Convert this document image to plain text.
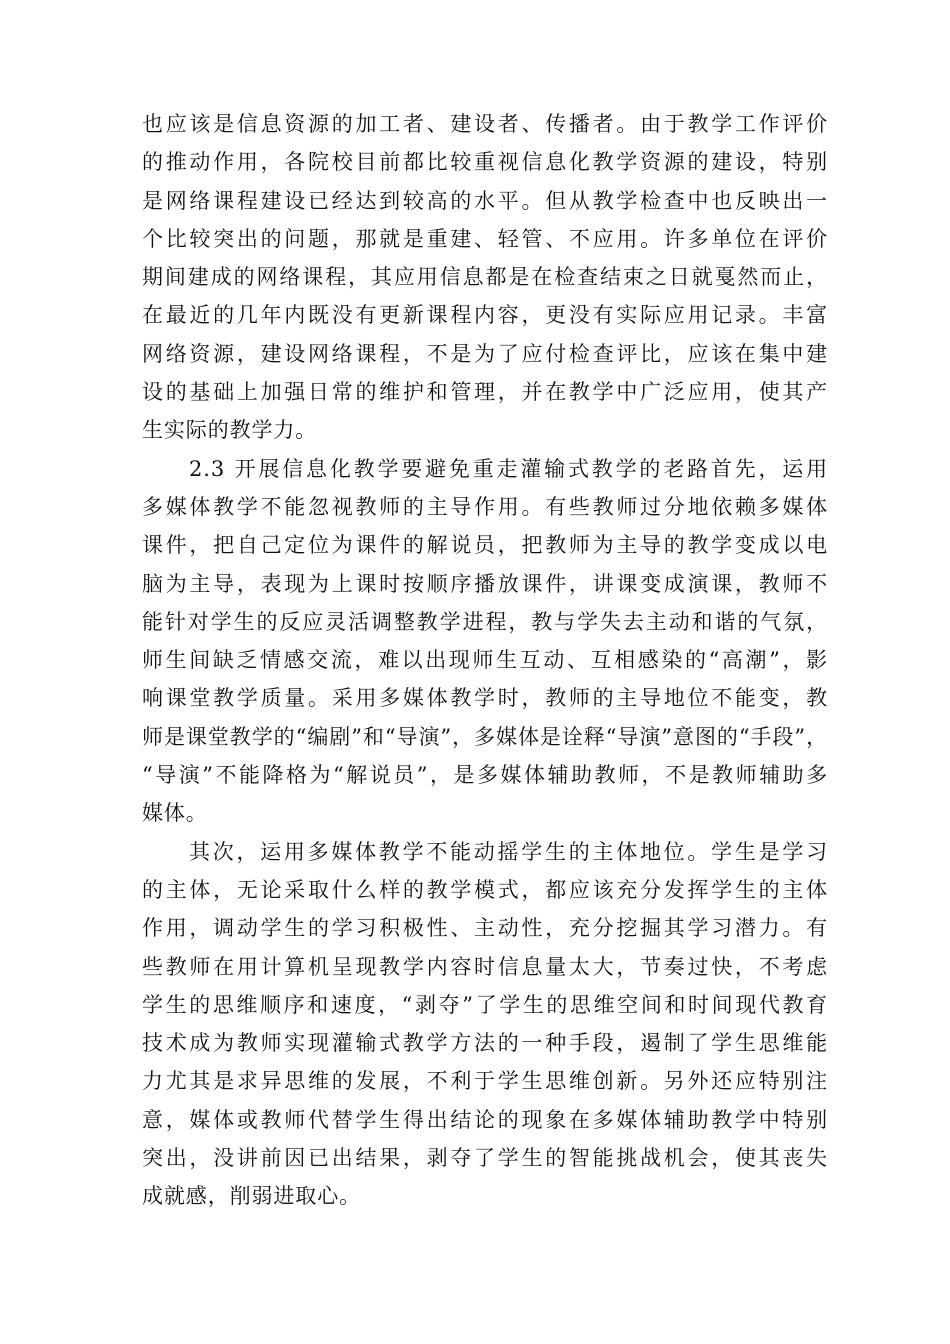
也应该是信息资源的加工者、建设者、传播者。由于教学工作评价
的推动作用，各院校目前都比较重视信息化教学资源的建设，特别
是网络课程建设已经达到较高的水平。但从教学检查中也反映出一
个比较突出的问题，那就是重建、轻管、不应用。许多单位在评价
期间建成的网络课程，其应用信息都是在检查结束之日就戛然而止，
在最近的几年内既没有更新课程内容，更没有实际应用记录。丰富
网络资源，建设网络课程，不是为了应付检查评比，应该在集中建
设的基础上加强日常的维护和管理，并在教学中广泛应用，使其产
生实际的教学力。
2.3 开展信息化教学要避免重走灌输式教学的老路首先，运用
多媒体教学不能忽视教师的主导作用。有些教师过分地依赖多媒体
课件，把自己定位为课件的解说员，把教师为主导的教学变成以电
脑为主导，表现为上课时按顺序播放课件，讲课变成演课，教师不
能针对学生的反应灵活调整教学进程，教与学失去主动和谐的气氛，
师生间缺乏情感交流，难以出现师生互动、互相感染的“高潮”，影
响课堂教学质量。采用多媒体教学时，教师的主导地位不能变，教
师是课堂教学的“编剧”和“导演”，多媒体是诠释“导演”意图的“手段”，
“导演”不能降格为“解说员”，是多媒体辅助教师，不是教师辅助多
媒体。
其次，运用多媒体教学不能动摇学生的主体地位。学生是学习
的主体，无论采取什么样的教学模式，都应该充分发挥学生的主体
作用，调动学生的学习积极性、主动性，充分挖掘其学习潜力。有
些教师在用计算机呈现教学内容时信息量太大，节奏过快，不考虑
学生的思维顺序和速度，“剥夺”了学生的思维空间和时间现代教育
技术成为教师实现灌输式教学方法的一种手段，遏制了学生思维能
力尤其是求异思维的发展，不利于学生思维创新。另外还应特别注
意，媒体或教师代替学生得出结论的现象在多媒体辅助教学中特别
突出，没讲前因已出结果，剥夺了学生的智能挑战机会，使其丧失
成就感，削弱进取心。
